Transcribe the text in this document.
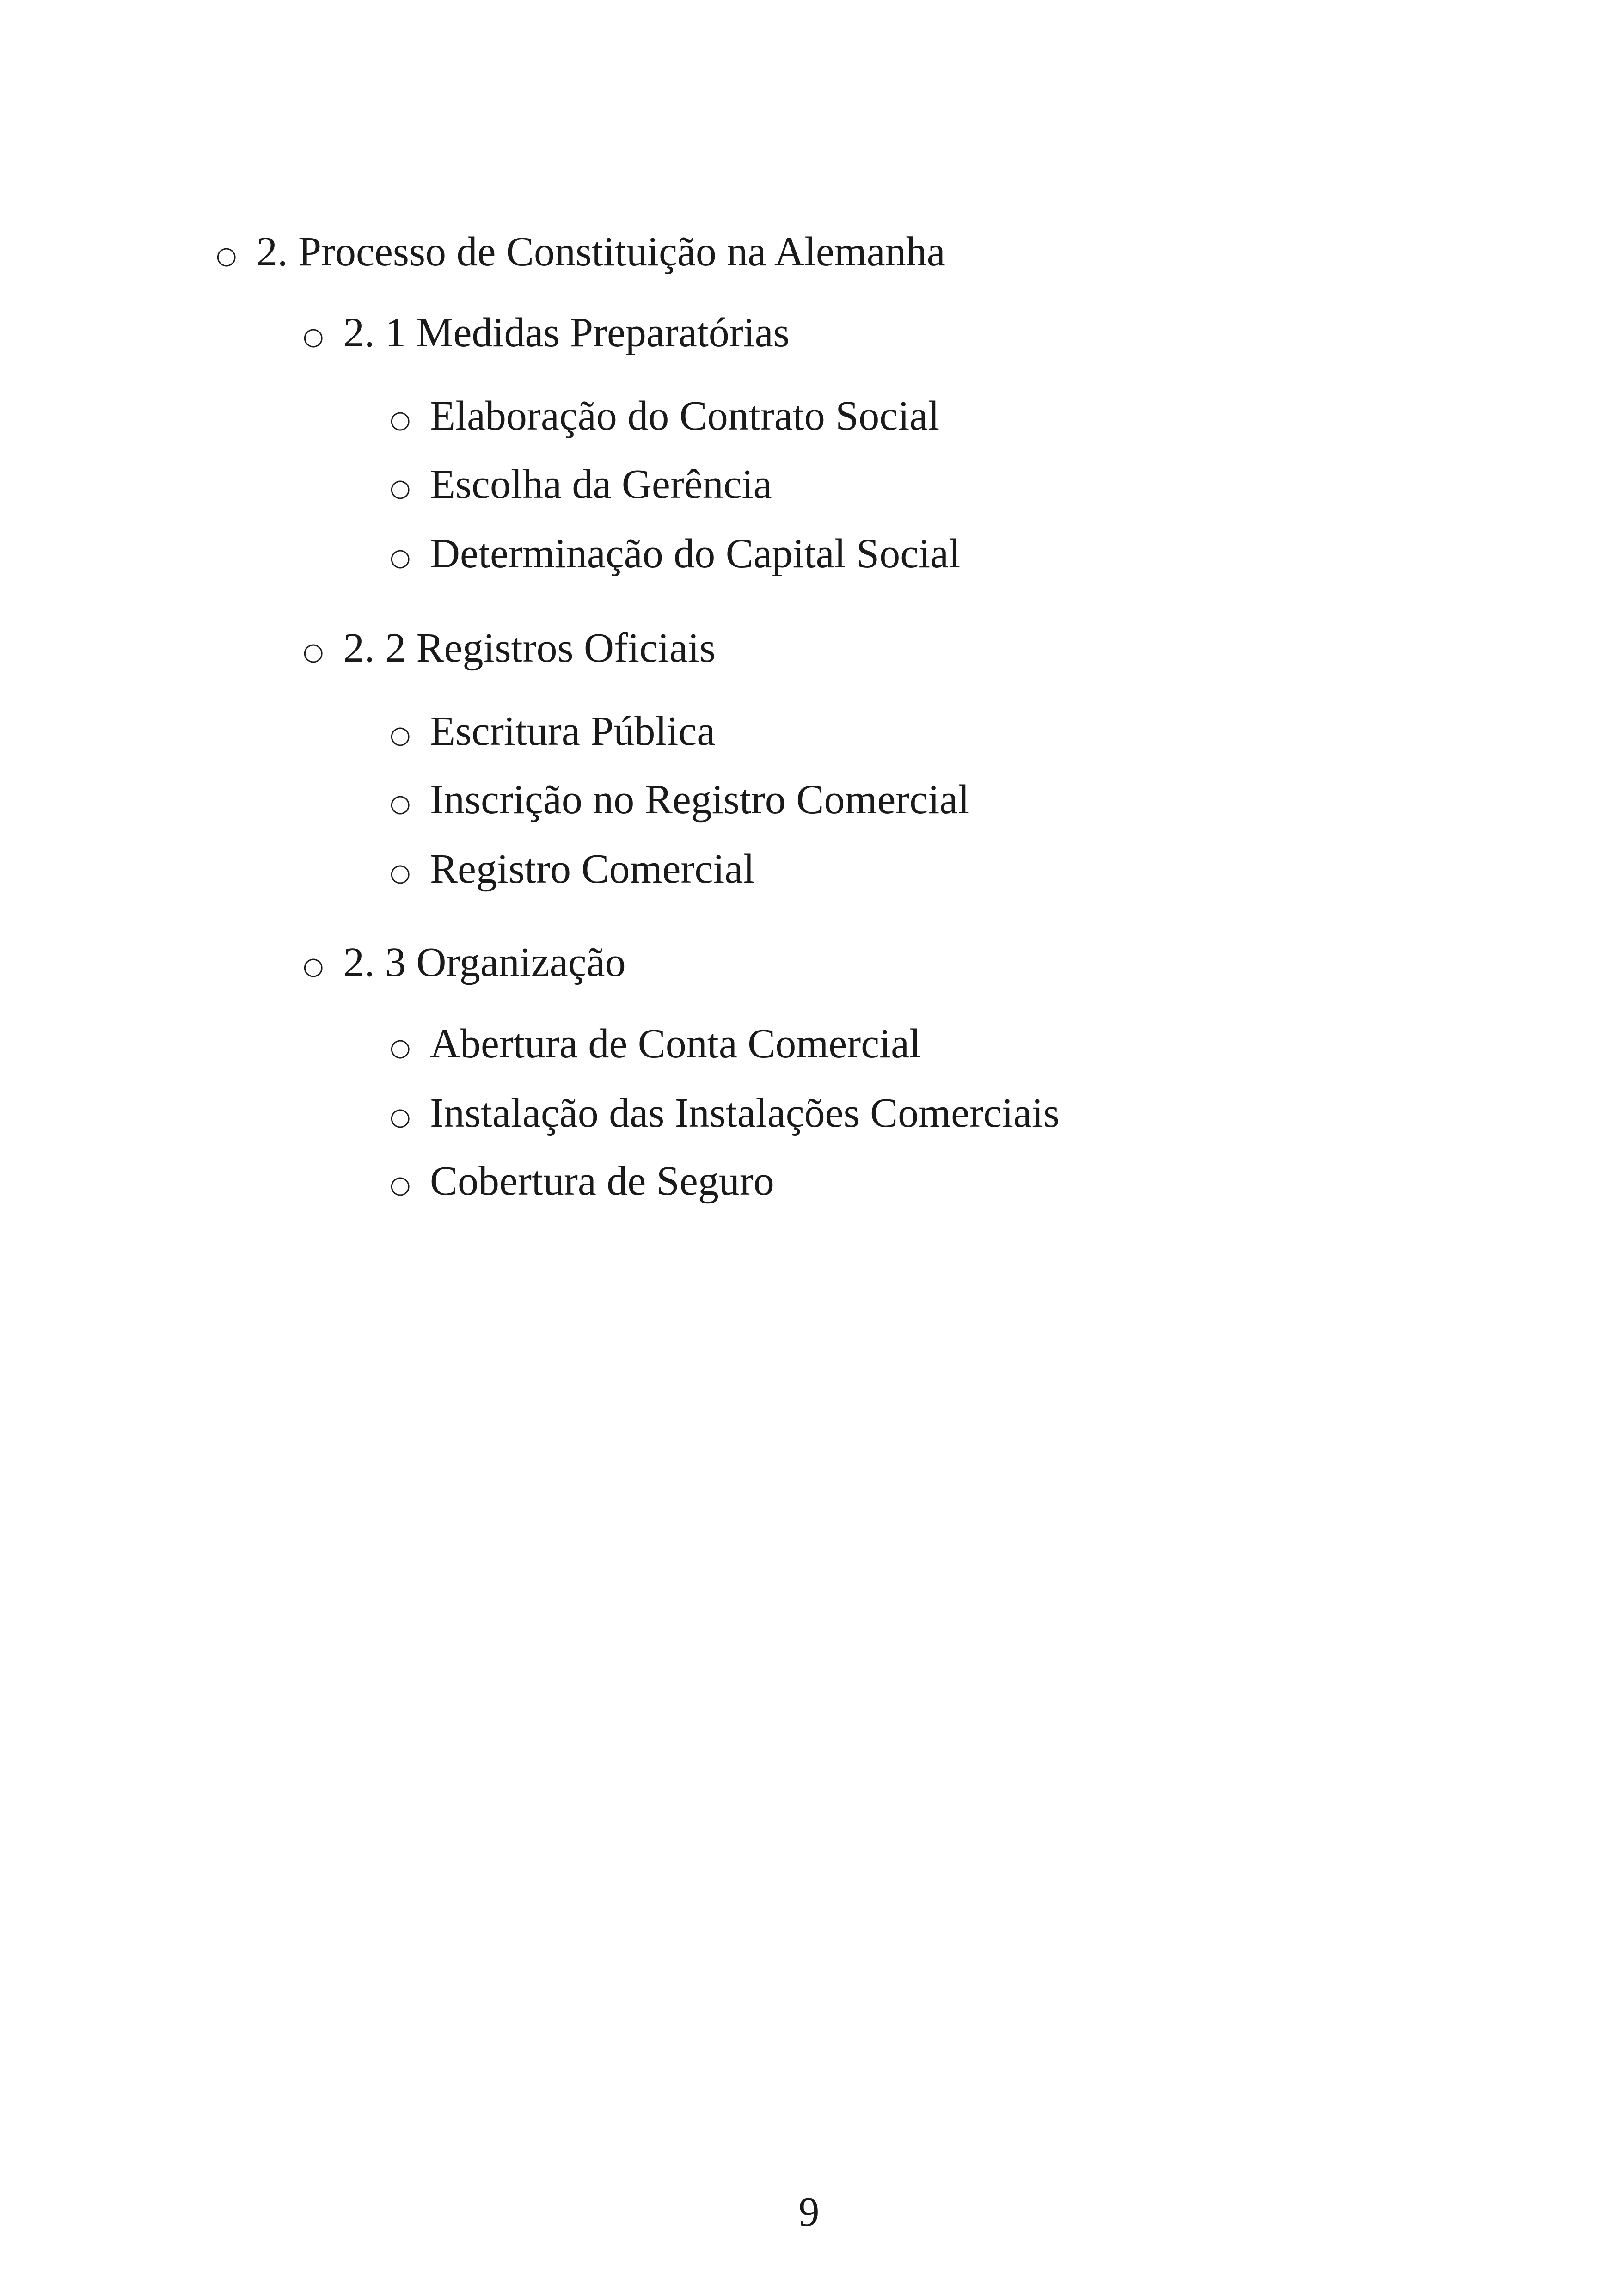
○ 2. Processo de Constituição na Alemanha
○ 2. 1 Medidas Preparatórias
○ Elaboração do Contrato Social
○ Escolha da Gerência
○ Determinação do Capital Social
○ 2. 2 Registros Oficiais
○ Escritura Pública
○ Inscrição no Registro Comercial
○ Registro Comercial
○ 2. 3 Organização
○ Abertura de Conta Comercial
○ Instalação das Instalações Comerciais
○ Cobertura de Seguro
9
